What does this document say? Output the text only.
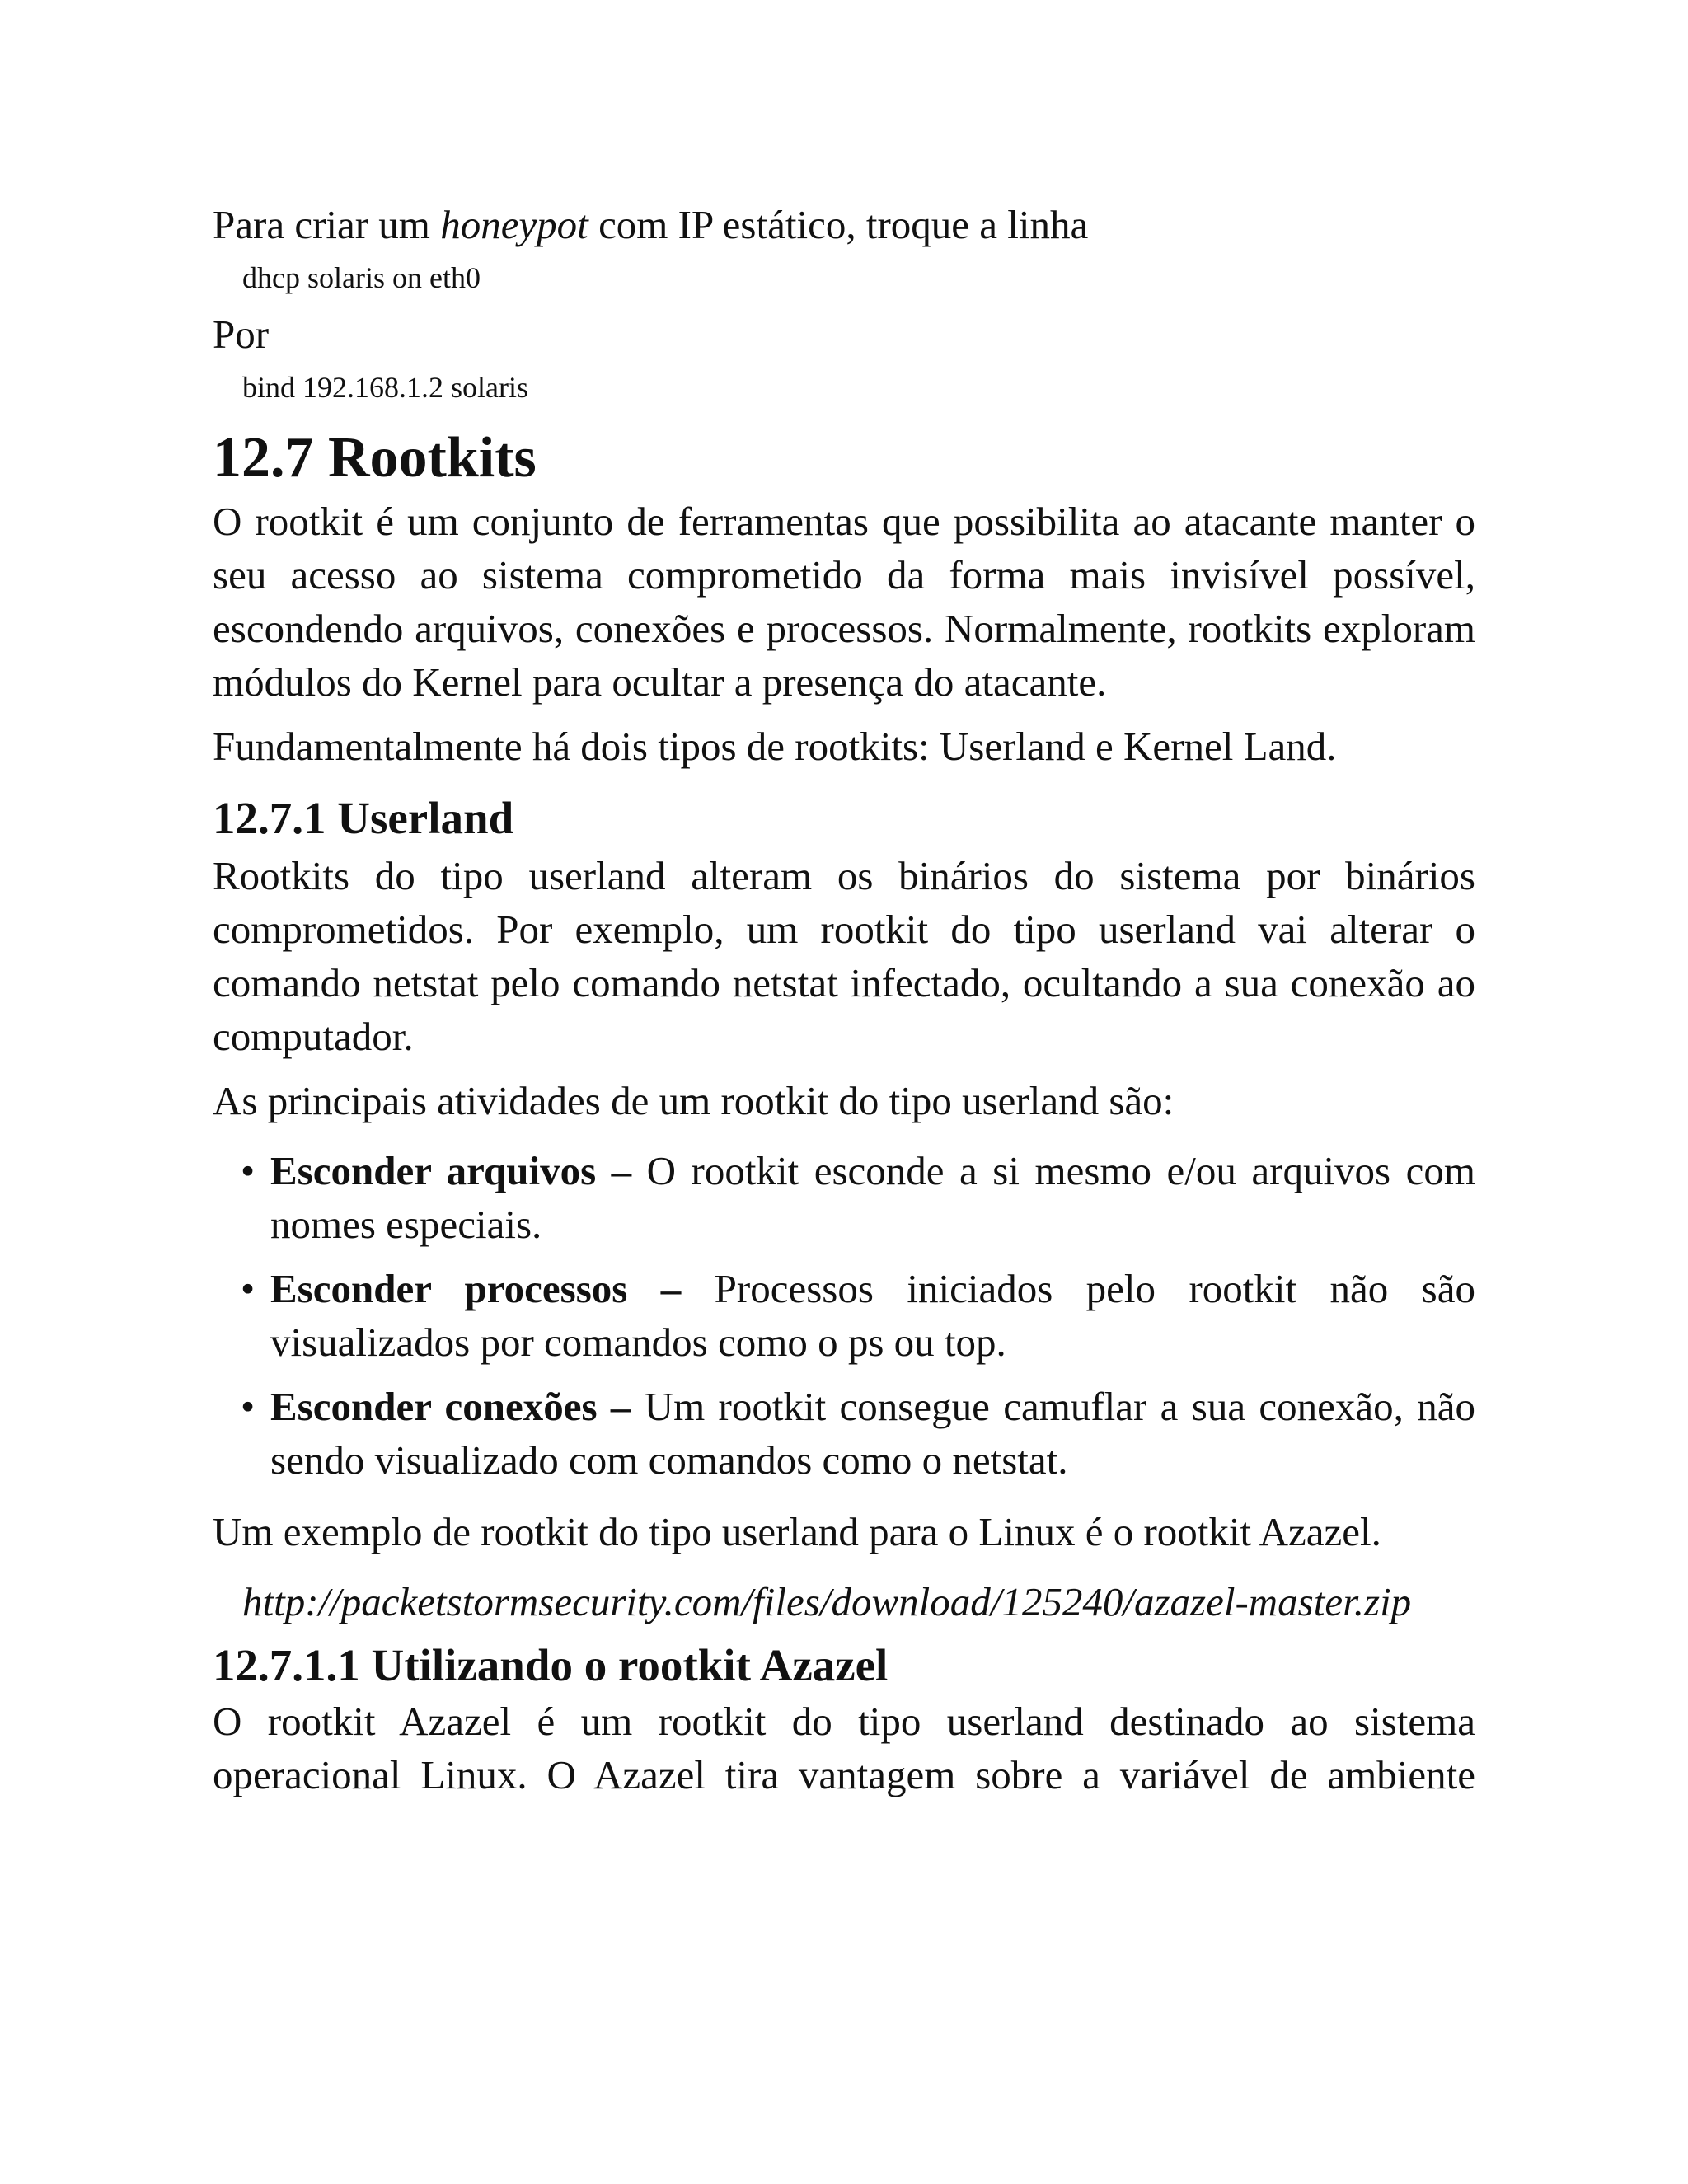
Para criar um honeypot com IP estático, troque a linha

dhcp solaris on eth0

Por

bind 192.168.1.2 solaris

12.7 Rootkits

O rootkit é um conjunto de ferramentas que possibilita ao atacante manter o seu acesso ao sistema comprometido da forma mais invisível possível, escondendo arquivos, conexões e processos. Normalmente, rootkits exploram módulos do Kernel para ocultar a presença do atacante.

Fundamentalmente há dois tipos de rootkits: Userland e Kernel Land.

12.7.1 Userland

Rootkits do tipo userland alteram os binários do sistema por binários comprometidos. Por exemplo, um rootkit do tipo userland vai alterar o comando netstat pelo comando netstat infectado, ocultando a sua conexão ao computador.

As principais atividades de um rootkit do tipo userland são:

• Esconder arquivos – O rootkit esconde a si mesmo e/ou arquivos com nomes especiais.
• Esconder processos – Processos iniciados pelo rootkit não são visualizados por comandos como o ps ou top.
• Esconder conexões – Um rootkit consegue camuflar a sua conexão, não sendo visualizado com comandos como o netstat.

Um exemplo de rootkit do tipo userland para o Linux é o rootkit Azazel.

http://packetstormsecurity.com/files/download/125240/azazel-master.zip

12.7.1.1 Utilizando o rootkit Azazel

O rootkit Azazel é um rootkit do tipo userland destinado ao sistema operacional Linux. O Azazel tira vantagem sobre a variável de ambiente
